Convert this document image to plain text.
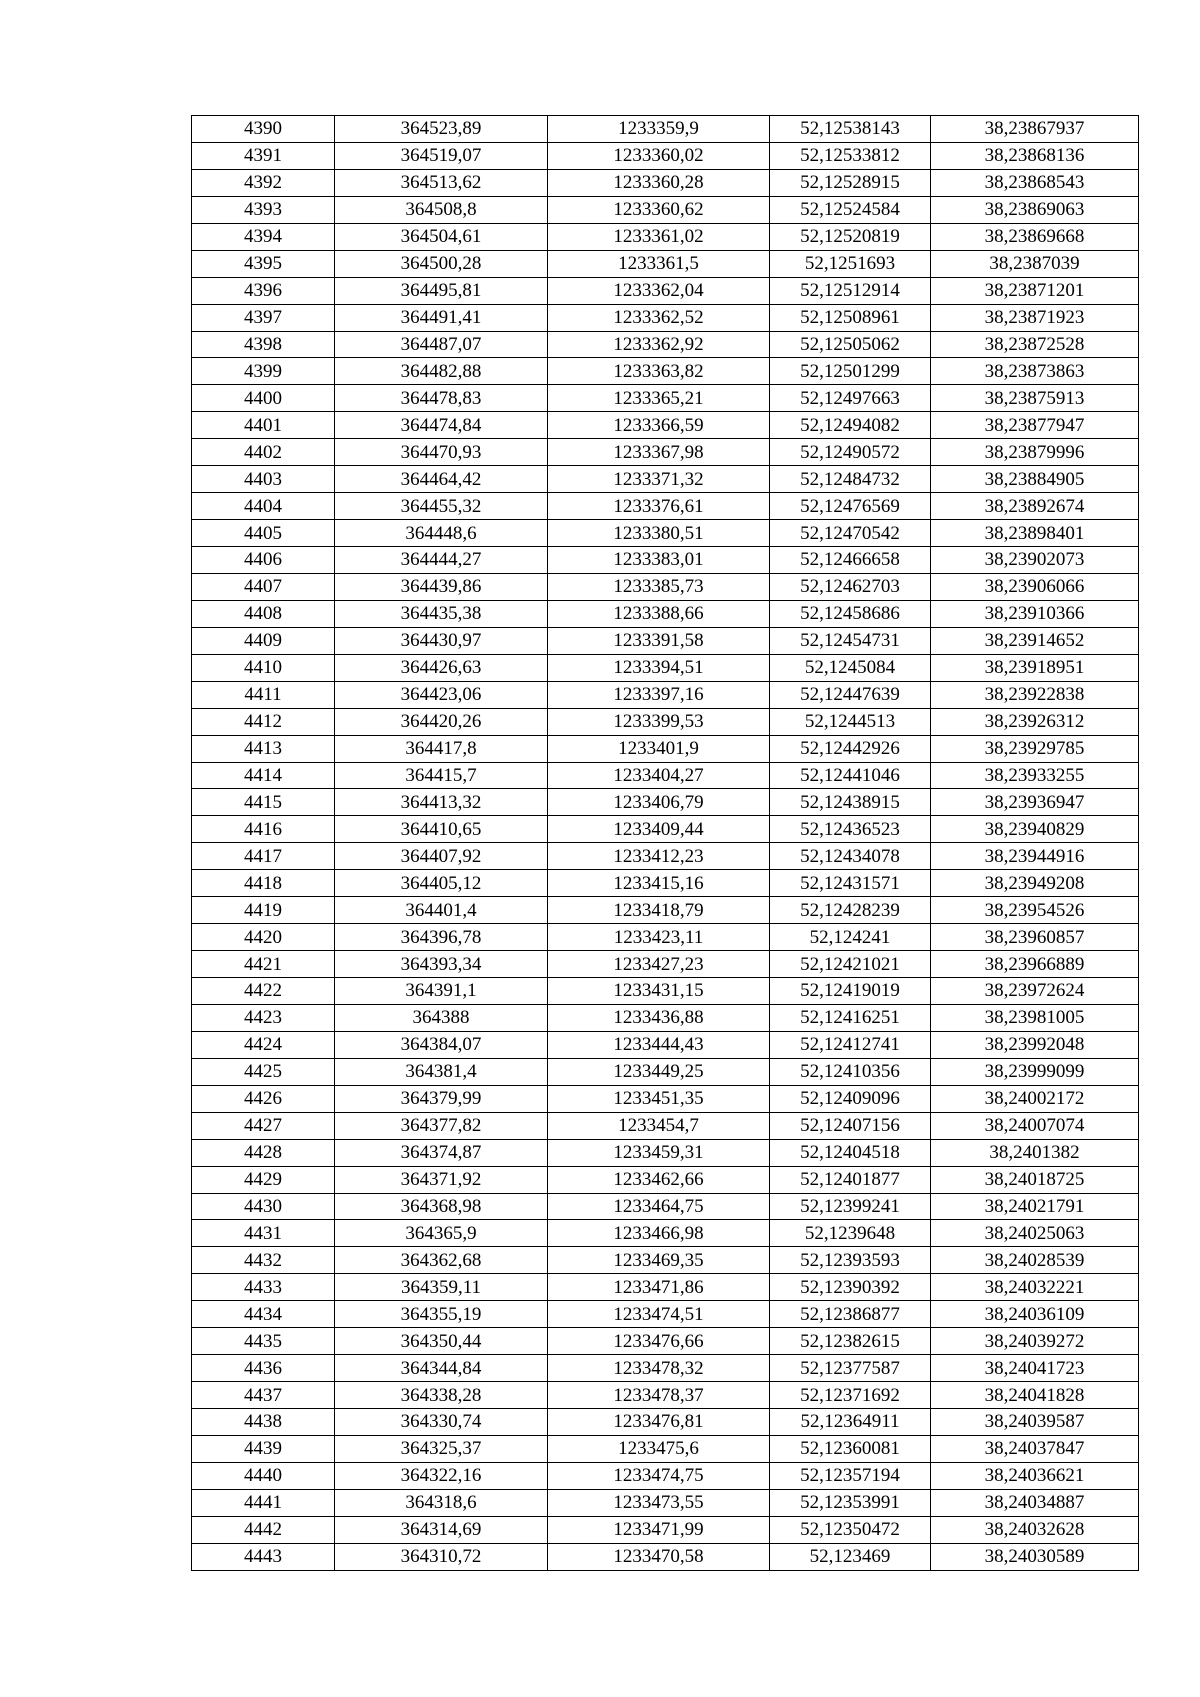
4390	364523,89	1233359,9	52,12538143	38,23867937
4391	364519,07	1233360,02	52,12533812	38,23868136
4392	364513,62	1233360,28	52,12528915	38,23868543
4393	364508,8	1233360,62	52,12524584	38,23869063
4394	364504,61	1233361,02	52,12520819	38,23869668
4395	364500,28	1233361,5	52,1251693	38,2387039
4396	364495,81	1233362,04	52,12512914	38,23871201
4397	364491,41	1233362,52	52,12508961	38,23871923
4398	364487,07	1233362,92	52,12505062	38,23872528
4399	364482,88	1233363,82	52,12501299	38,23873863
4400	364478,83	1233365,21	52,12497663	38,23875913
4401	364474,84	1233366,59	52,12494082	38,23877947
4402	364470,93	1233367,98	52,12490572	38,23879996
4403	364464,42	1233371,32	52,12484732	38,23884905
4404	364455,32	1233376,61	52,12476569	38,23892674
4405	364448,6	1233380,51	52,12470542	38,23898401
4406	364444,27	1233383,01	52,12466658	38,23902073
4407	364439,86	1233385,73	52,12462703	38,23906066
4408	364435,38	1233388,66	52,12458686	38,23910366
4409	364430,97	1233391,58	52,12454731	38,23914652
4410	364426,63	1233394,51	52,1245084	38,23918951
4411	364423,06	1233397,16	52,12447639	38,23922838
4412	364420,26	1233399,53	52,1244513	38,23926312
4413	364417,8	1233401,9	52,12442926	38,23929785
4414	364415,7	1233404,27	52,12441046	38,23933255
4415	364413,32	1233406,79	52,12438915	38,23936947
4416	364410,65	1233409,44	52,12436523	38,23940829
4417	364407,92	1233412,23	52,12434078	38,23944916
4418	364405,12	1233415,16	52,12431571	38,23949208
4419	364401,4	1233418,79	52,12428239	38,23954526
4420	364396,78	1233423,11	52,124241	38,23960857
4421	364393,34	1233427,23	52,12421021	38,23966889
4422	364391,1	1233431,15	52,12419019	38,23972624
4423	364388	1233436,88	52,12416251	38,23981005
4424	364384,07	1233444,43	52,12412741	38,23992048
4425	364381,4	1233449,25	52,12410356	38,23999099
4426	364379,99	1233451,35	52,12409096	38,24002172
4427	364377,82	1233454,7	52,12407156	38,24007074
4428	364374,87	1233459,31	52,12404518	38,2401382
4429	364371,92	1233462,66	52,12401877	38,24018725
4430	364368,98	1233464,75	52,12399241	38,24021791
4431	364365,9	1233466,98	52,1239648	38,24025063
4432	364362,68	1233469,35	52,12393593	38,24028539
4433	364359,11	1233471,86	52,12390392	38,24032221
4434	364355,19	1233474,51	52,12386877	38,24036109
4435	364350,44	1233476,66	52,12382615	38,24039272
4436	364344,84	1233478,32	52,12377587	38,24041723
4437	364338,28	1233478,37	52,12371692	38,24041828
4438	364330,74	1233476,81	52,12364911	38,24039587
4439	364325,37	1233475,6	52,12360081	38,24037847
4440	364322,16	1233474,75	52,12357194	38,24036621
4441	364318,6	1233473,55	52,12353991	38,24034887
4442	364314,69	1233471,99	52,12350472	38,24032628
4443	364310,72	1233470,58	52,123469	38,24030589
